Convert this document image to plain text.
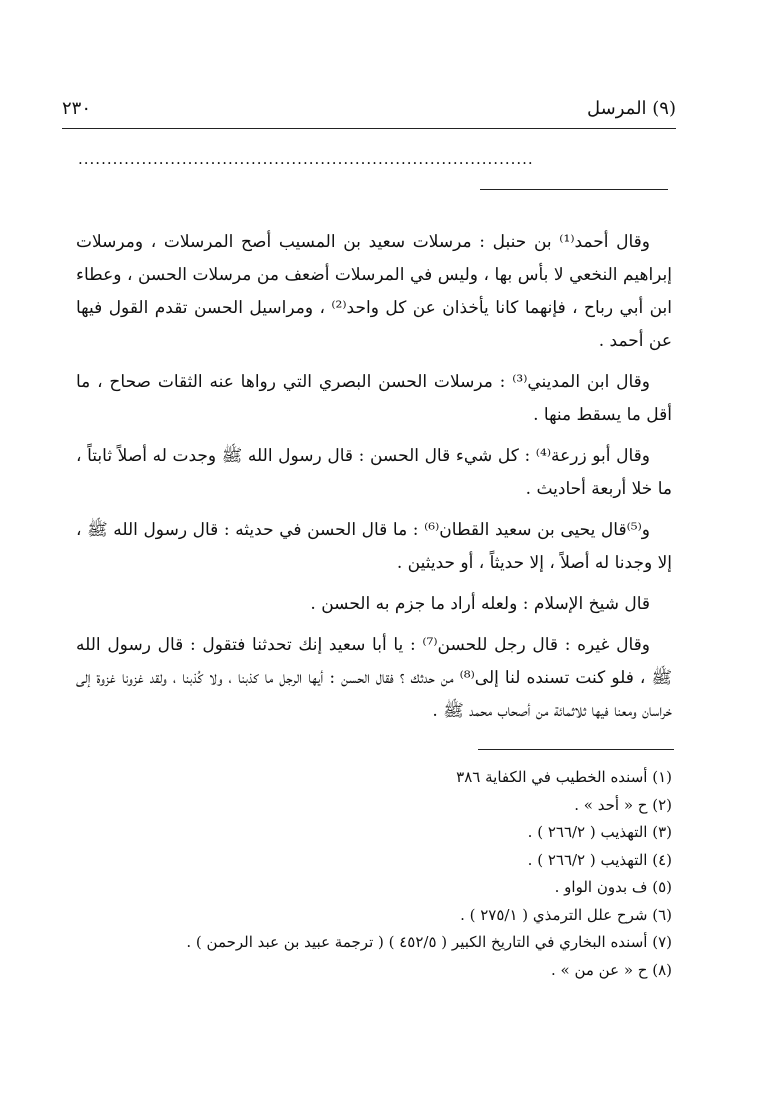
(٩) المرسل
٢٣٠
...............................................................................

وقال أحمد⁽¹⁾ بن حنبل : مرسلات سعيد بن المسيب أصح المرسلات ، ومرسلات إبراهيم النخعي لا بأس بها ، وليس في المرسلات أضعف من مرسلات الحسن ، وعطاء ابن أبي رباح ، فإنهما كانا يأخذان عن كل واحد⁽²⁾ ، ومراسيل الحسن تقدم القول فيها عن أحمد .

وقال ابن المديني⁽³⁾ : مرسلات الحسن البصري التي رواها عنه الثقات صحاح ، ما أقل ما يسقط منها .

وقال أبو زرعة⁽⁴⁾ : كل شيء قال الحسن : قال رسول الله ﷺ وجدت له أصلاً ثابتاً ، ما خلا أربعة أحاديث .

و⁽⁵⁾قال يحيى بن سعيد القطان⁽⁶⁾ : ما قال الحسن في حديثه : قال رسول الله ﷺ ، إلا وجدنا له أصلاً ، إلا حديثاً ، أو حديثين .

قال شيخ الإسلام : ولعله أراد ما جزم به الحسن .

وقال غيره : قال رجل للحسن⁽⁷⁾ : يا أبا سعيد إنك تحدثنا فتقول : قال رسول الله ﷺ ، فلو كنت تسنده لنا إلى⁽⁸⁾ من حدثك ؟ فقال الحسن : أيها الرجل ما كذبنا ، ولا كُذبنا ، ولقد غزونا غزوة إلى خراسان ومعنا فيها ثلاثمائة من أصحاب محمد ﷺ .

(١) أسنده الخطيب في الكفاية ٣٨٦
(٢) ح « أحد » .
(٣) التهذيب ( ٢٦٦/٢ ) .
(٤) التهذيب ( ٢٦٦/٢ ) .
(٥) ف بدون الواو .
(٦) شرح علل الترمذي ( ٢٧٥/١ ) .
(٧) أسنده البخاري في التاريخ الكبير ( ٤٥٢/٥ ) ( ترجمة عبيد بن عبد الرحمن ) .
(٨) ح « عن من » .
